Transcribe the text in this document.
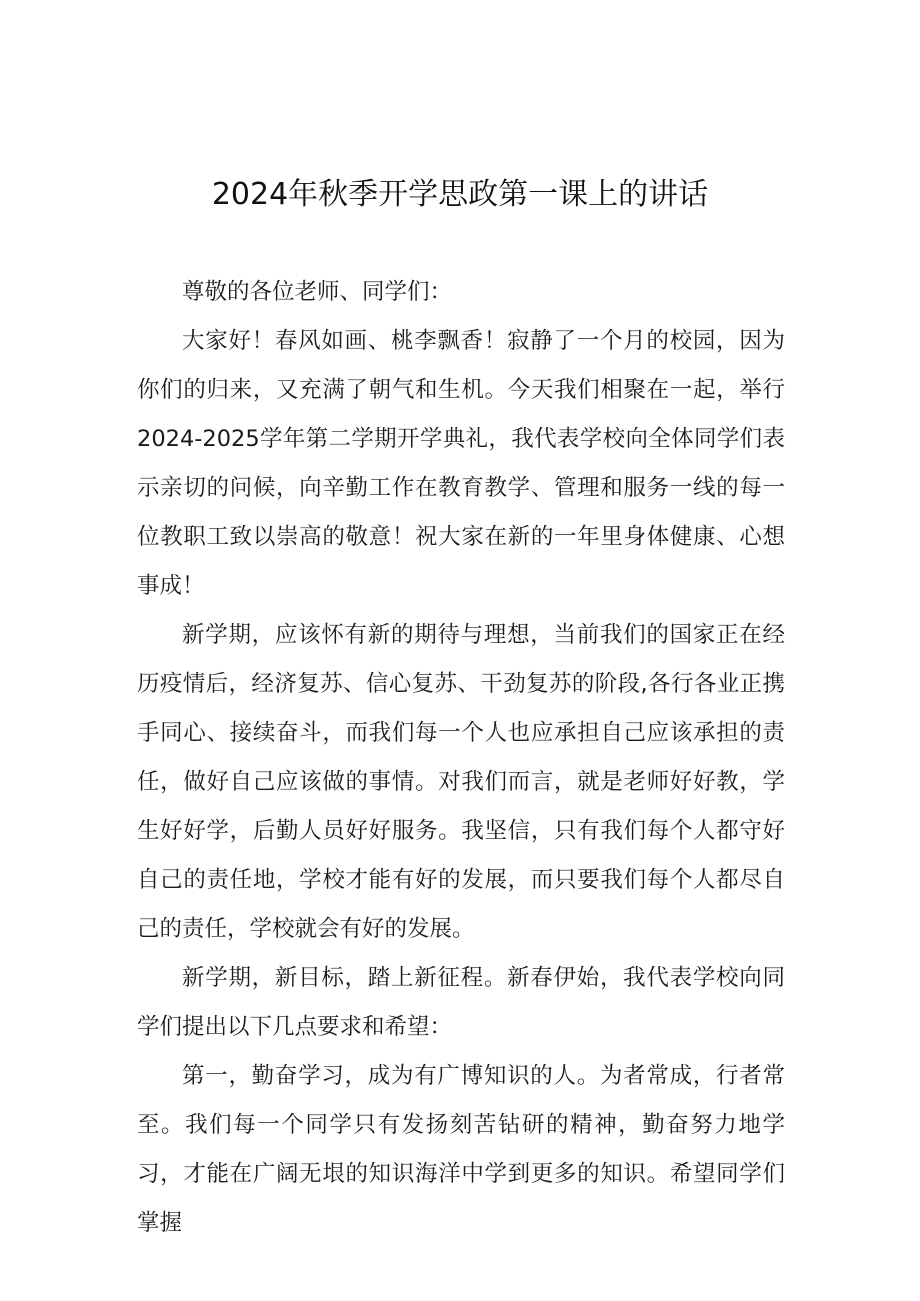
2024年秋季开学思政第一课上的讲话

尊敬的各位老师、同学们：

大家好！春风如画、桃李飘香！寂静了一个月的校园，因为你们的归来，又充满了朝气和生机。今天我们相聚在一起，举行2024-2025学年第二学期开学典礼，我代表学校向全体同学们表示亲切的问候，向辛勤工作在教育教学、管理和服务一线的每一位教职工致以崇高的敬意！祝大家在新的一年里身体健康、心想事成！

新学期，应该怀有新的期待与理想，当前我们的国家正在经历疫情后，经济复苏、信心复苏、干劲复苏的阶段,各行各业正携手同心、接续奋斗，而我们每一个人也应承担自己应该承担的责任，做好自己应该做的事情。对我们而言，就是老师好好教，学生好好学，后勤人员好好服务。我坚信，只有我们每个人都守好自己的责任地，学校才能有好的发展，而只要我们每个人都尽自己的责任，学校就会有好的发展。

新学期，新目标，踏上新征程。新春伊始，我代表学校向同学们提出以下几点要求和希望：

第一，勤奋学习，成为有广博知识的人。为者常成，行者常至。我们每一个同学只有发扬刻苦钻研的精神，勤奋努力地学习，才能在广阔无垠的知识海洋中学到更多的知识。希望同学们掌握
